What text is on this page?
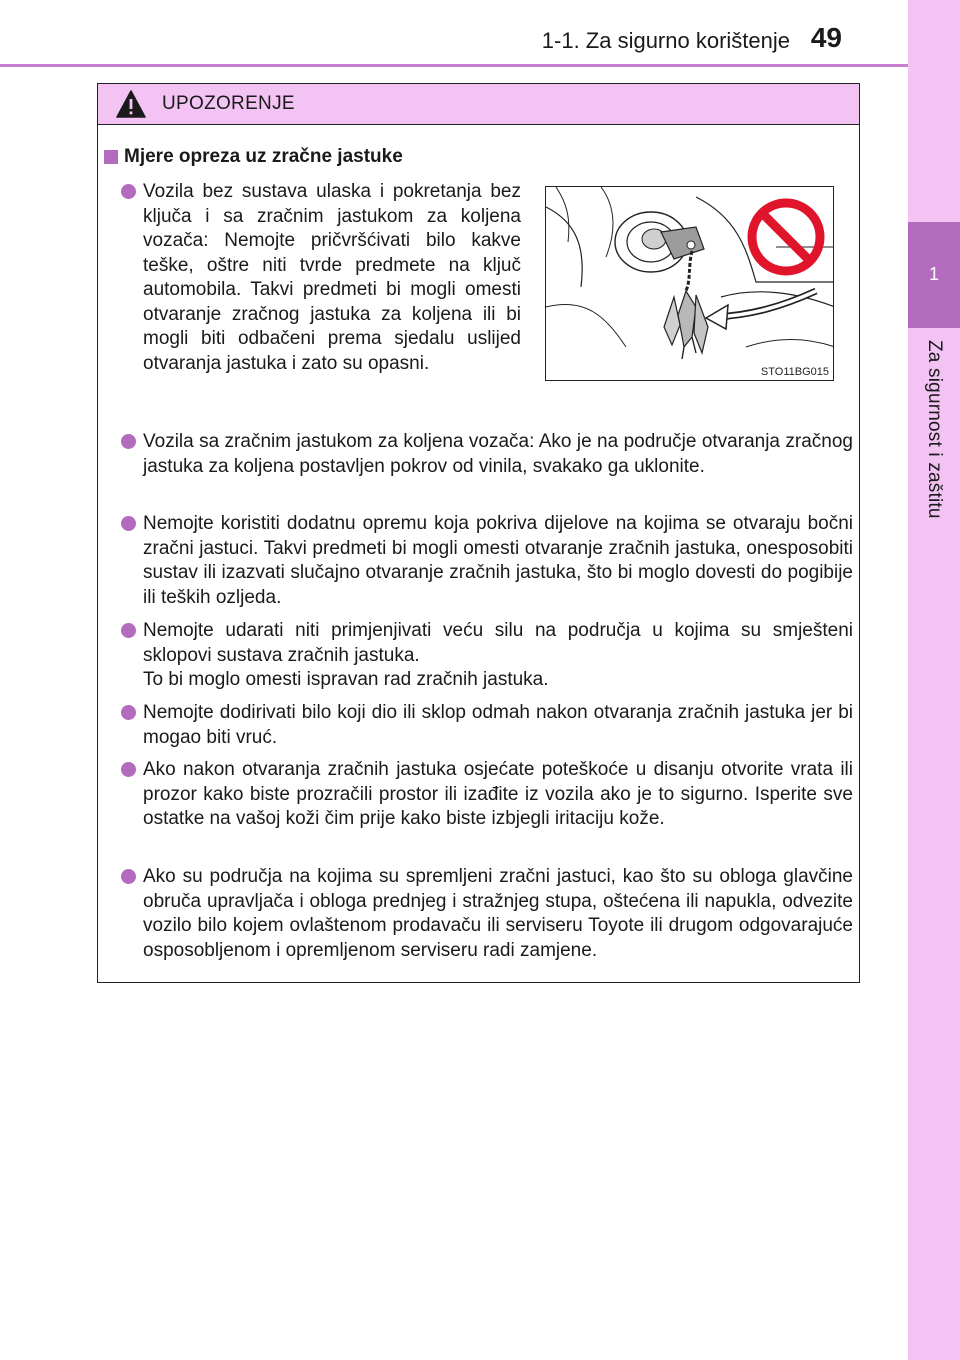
1-1. Za sigurno korištenje 49
1
Za sigurnost i zaštitu
UPOZORENJE
Mjere opreza uz zračne jastuke
Vozila bez sustava ulaska i pokretanja bez ključa i sa zračnim jastukom za koljena vozača: Nemojte pričvršćivati bilo kakve teške, oštre niti tvrde predmete na ključ automobila. Takvi predmeti bi mogli omesti otvaranje zračnog jastuka za koljena ili bi mogli biti odbačeni prema sjedalu uslijed otvaranja jastuka i zato su opasni.	STO11BG015
Vozila sa zračnim jastukom za koljena vozača: Ako je na područje otvaranja zračnog jastuka za koljena postavljen pokrov od vinila, svakako ga uklonite.
Nemojte koristiti dodatnu opremu koja pokriva dijelove na kojima se otvaraju bočni zračni jastuci. Takvi predmeti bi mogli omesti otvaranje zračnih jastuka, onesposobiti sustav ili izazvati slučajno otvaranje zračnih jastuka, što bi moglo dovesti do pogibije ili teških ozljeda.
Nemojte udarati niti primjenjivati veću silu na područja u kojima su smješteni sklopovi sustava zračnih jastuka.
To bi moglo omesti ispravan rad zračnih jastuka.
Nemojte dodirivati bilo koji dio ili sklop odmah nakon otvaranja zračnih jastuka jer bi mogao biti vruć.
Ako nakon otvaranja zračnih jastuka osjećate poteškoće u disanju otvorite vrata ili prozor kako biste prozračili prostor ili izađite iz vozila ako je to sigurno. Isperite sve ostatke na vašoj koži čim prije kako biste izbjegli iritaciju kože.
Ako su područja na kojima su spremljeni zračni jastuci, kao što su obloga glavčine obruča upravljača i obloga prednjeg i stražnjeg stupa, oštećena ili napukla, odvezite vozilo bilo kojem ovlaštenom prodavaču ili serviseru Toyote ili drugom odgovarajuće osposobljenom i opremljenom serviseru radi zamjene.
